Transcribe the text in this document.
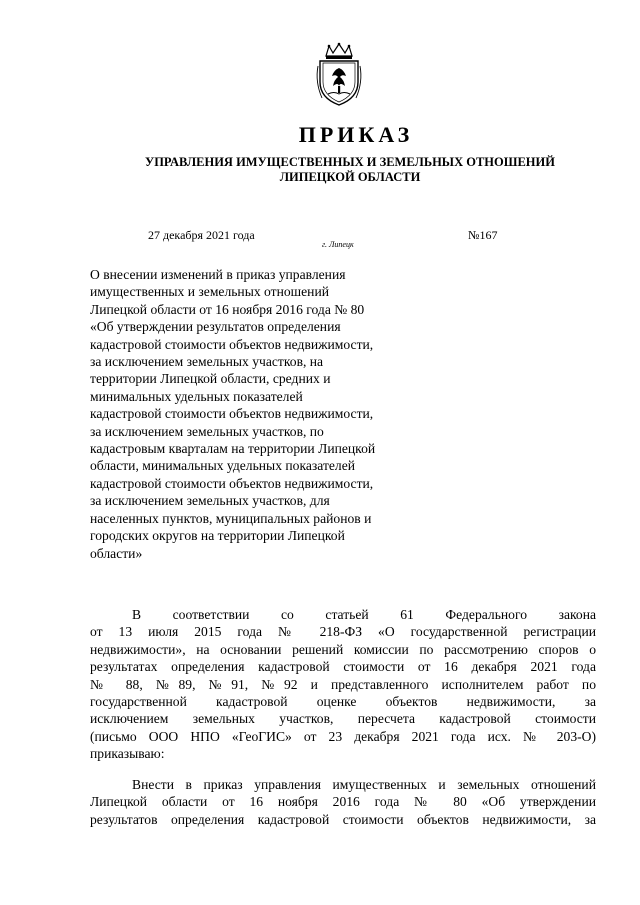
ПРИКАЗ
УПРАВЛЕНИЯ ИМУЩЕСТВЕННЫХ И ЗЕМЕЛЬНЫХ ОТНОШЕНИЙ
ЛИПЕЦКОЙ ОБЛАСТИ
27 декабря 2021 года	№167
г. Липецк
О внесении изменений в приказ управления
имущественных и земельных отношений
Липецкой области от 16 ноября 2016 года № 80
«Об утверждении результатов определения
кадастровой стоимости объектов недвижимости,
за исключением земельных участков, на
территории Липецкой области, средних и
минимальных удельных показателей
кадастровой стоимости объектов недвижимости,
за исключением земельных участков, по
кадастровым кварталам на территории Липецкой
области, минимальных удельных показателей
кадастровой стоимости объектов недвижимости,
за исключением земельных участков, для
населенных пунктов, муниципальных районов и
городских округов на территории Липецкой
области»
В соответствии со статьей 61 Федерального закона
от 13 июля 2015 года № 218-ФЗ «О государственной регистрации
недвижимости», на основании решений комиссии по рассмотрению споров о
результатах определения кадастровой стоимости от 16 декабря 2021 года
№ 88, №89, №91, №92 и представленного исполнителем работ по
государственной кадастровой оценке объектов недвижимости, за
исключением земельных участков, пересчета кадастровой стоимости
(письмо ООО НПО «ГеоГИС» от 23 декабря 2021 года исх. № 203-О)
приказываю:
Внести в приказ управления имущественных и земельных отношений
Липецкой области от 16 ноября 2016 года № 80 «Об утверждении
результатов определения кадастровой стоимости объектов недвижимости, за
